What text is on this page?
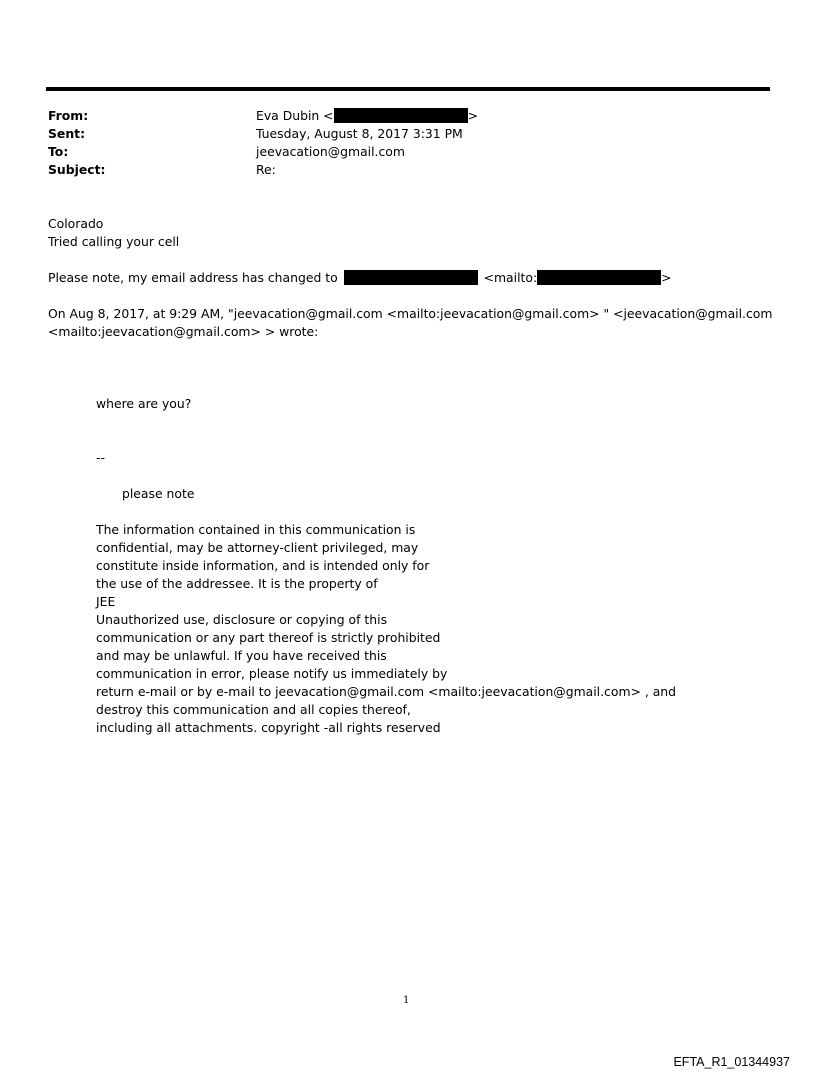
From:	Eva Dubin <	>
Sent:	Tuesday, August 8, 2017 3:31 PM
To:	jeevacation@gmail.com
Subject:	Re:
Colorado
Tried calling your cell
Please note, my email address has changed to	<mailto:	>
On Aug 8, 2017, at 9:29 AM, "jeevacation@gmail.com <mailto:jeevacation@gmail.com> " <jeevacation@gmail.com
<mailto:jeevacation@gmail.com> > wrote:
where are you?
--
please note
The information contained in this communication is
confidential, may be attorney-client privileged, may
constitute inside information, and is intended only for
the use of the addressee. It is the property of
JEE
Unauthorized use, disclosure or copying of this
communication or any part thereof is strictly prohibited
and may be unlawful. If you have received this
communication in error, please notify us immediately by
return e-mail or by e-mail to jeevacation@gmail.com <mailto:jeevacation@gmail.com> , and
destroy this communication and all copies thereof,
including all attachments. copyright -all rights reserved
1
EFTA_R1_01344937
